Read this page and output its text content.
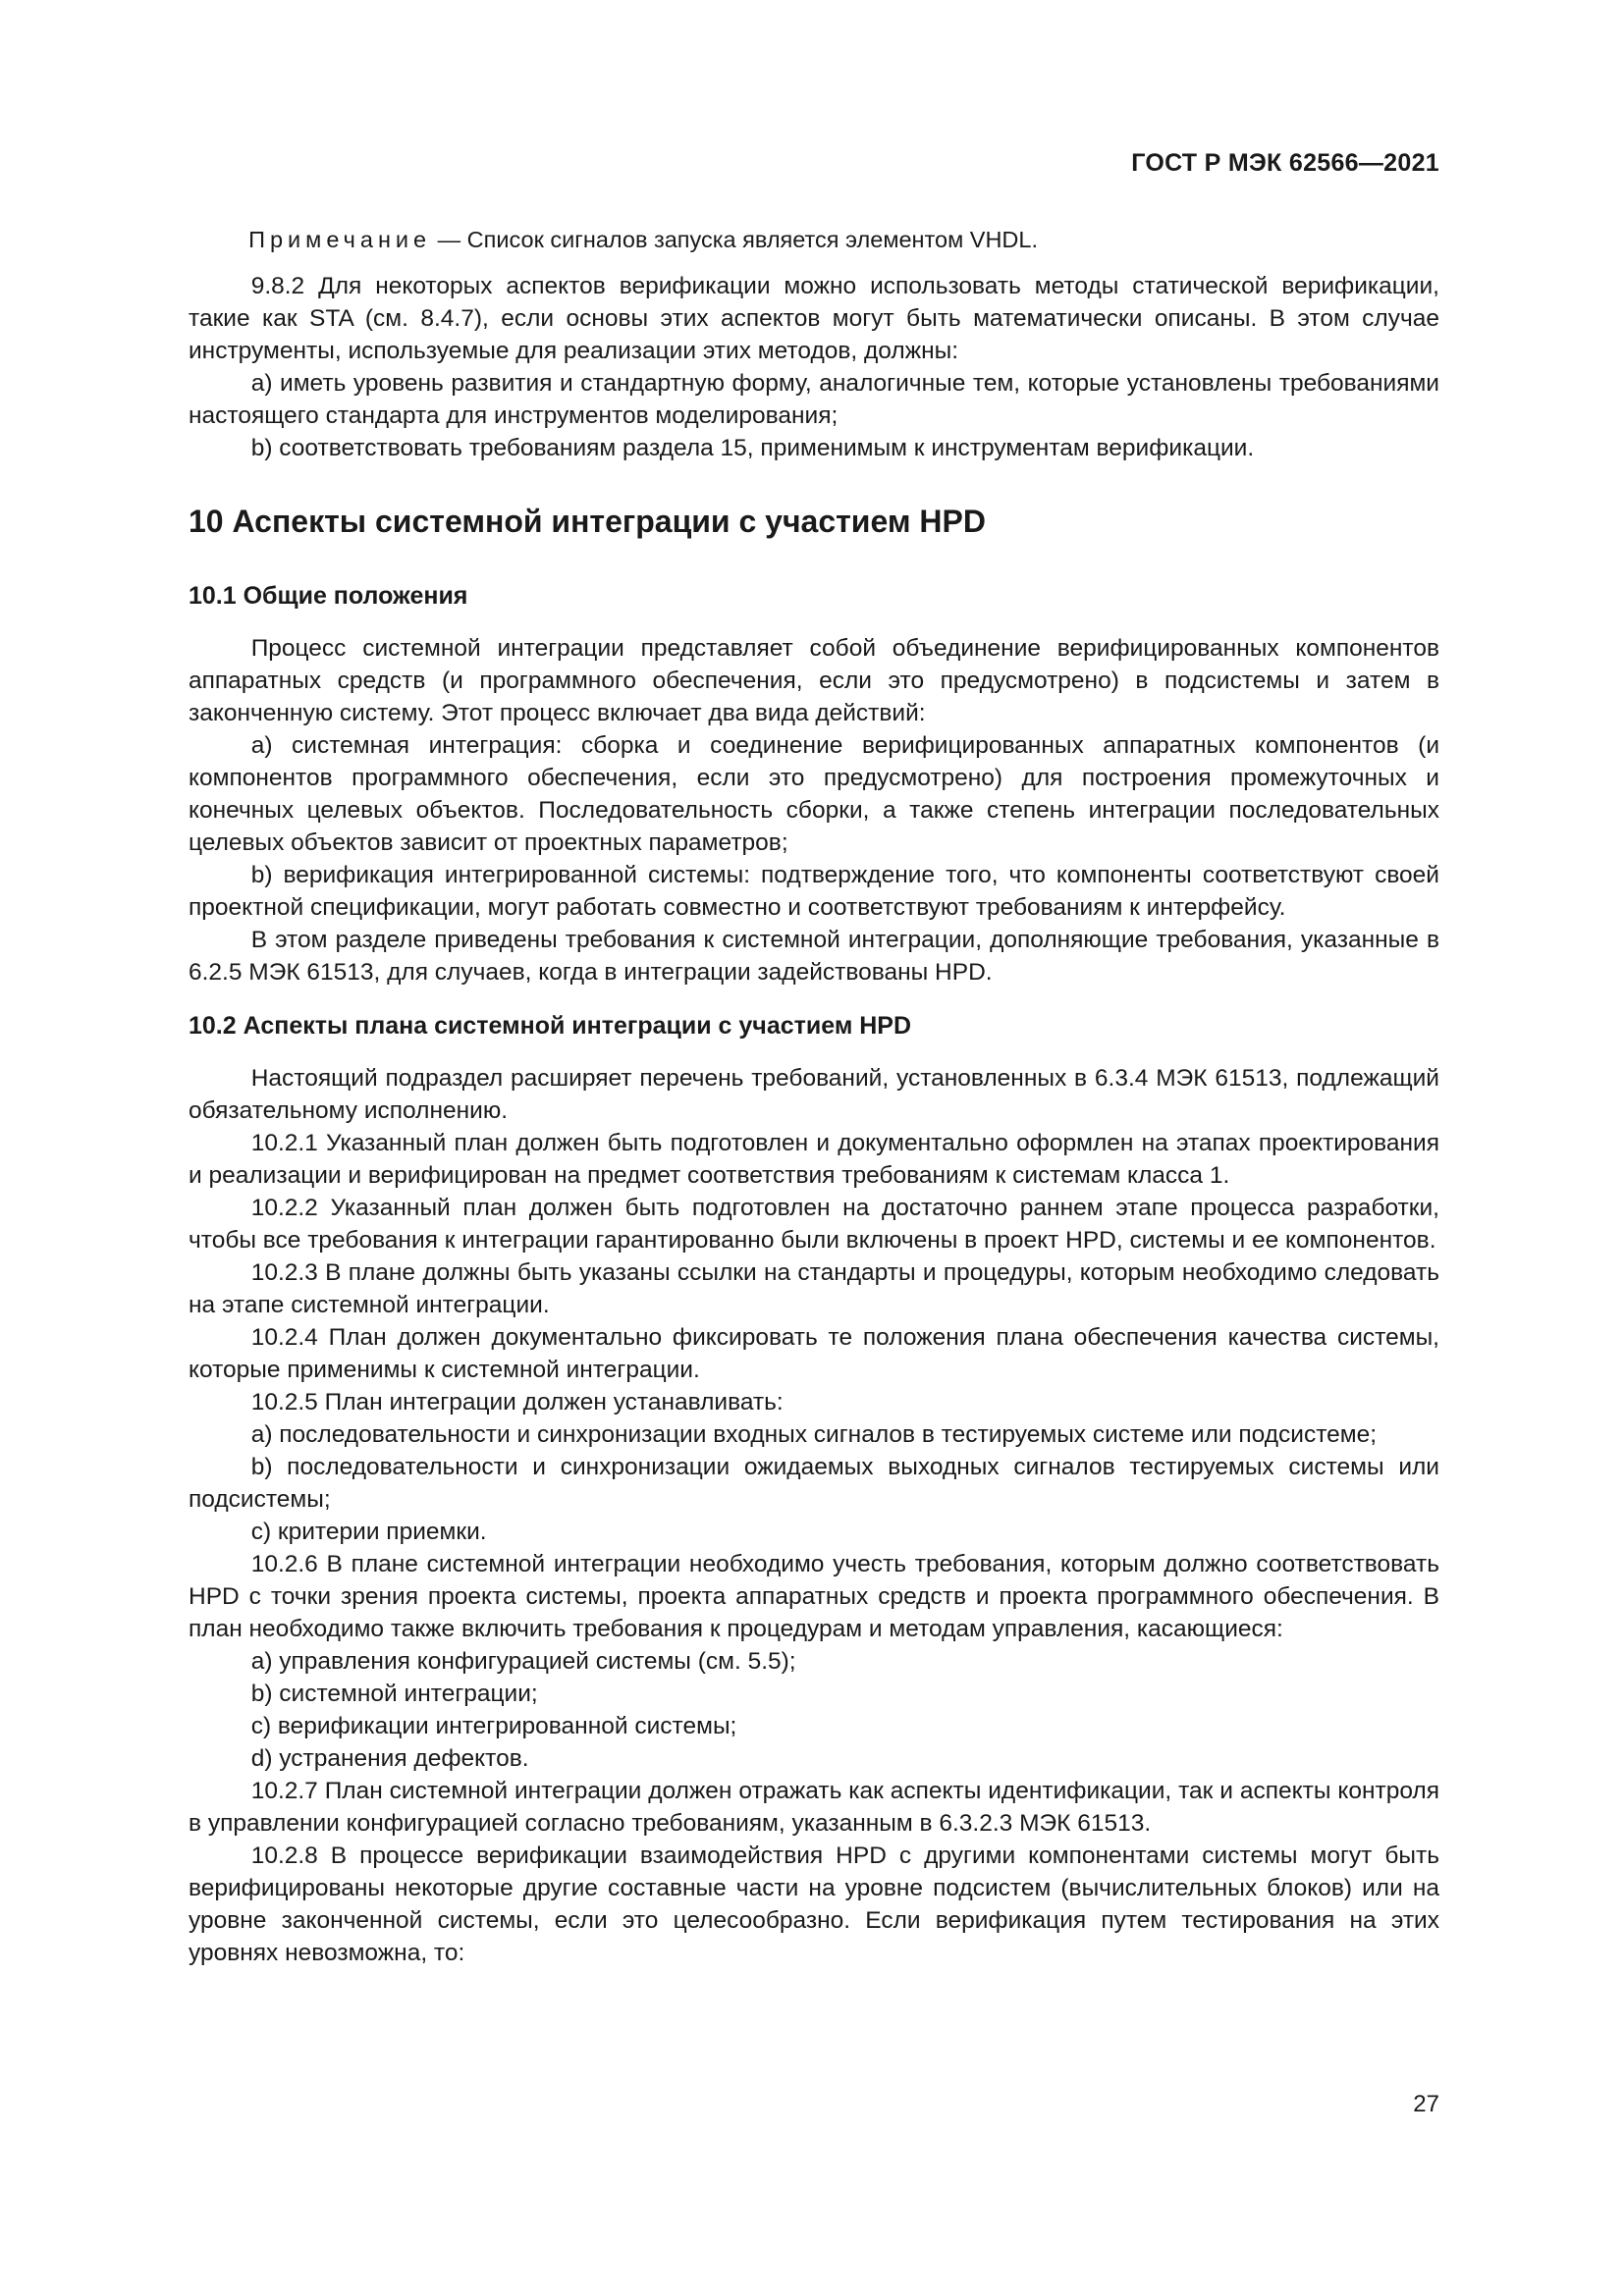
ГОСТ Р МЭК 62566—2021

Примечание — Список сигналов запуска является элементом VHDL.

9.8.2 Для некоторых аспектов верификации можно использовать методы статической верификации, такие как STA (см. 8.4.7), если основы этих аспектов могут быть математически описаны. В этом случае инструменты, используемые для реализации этих методов, должны:

a) иметь уровень развития и стандартную форму, аналогичные тем, которые установлены требованиями настоящего стандарта для инструментов моделирования;

b) соответствовать требованиям раздела 15, применимым к инструментам верификации.

10 Аспекты системной интеграции с участием HPD
10.1 Общие положения

Процесс системной интеграции представляет собой объединение верифицированных компонентов аппаратных средств (и программного обеспечения, если это предусмотрено) в подсистемы и затем в законченную систему. Этот процесс включает два вида действий:

a) системная интеграция: сборка и соединение верифицированных аппаратных компонентов (и компонентов программного обеспечения, если это предусмотрено) для построения промежуточных и конечных целевых объектов. Последовательность сборки, а также степень интеграции последовательных целевых объектов зависит от проектных параметров;

b) верификация интегрированной системы: подтверждение того, что компоненты соответствуют своей проектной спецификации, могут работать совместно и соответствуют требованиям к интерфейсу.

В этом разделе приведены требования к системной интеграции, дополняющие требования, указанные в 6.2.5 МЭК 61513, для случаев, когда в интеграции задействованы HPD.

10.2 Аспекты плана системной интеграции с участием HPD

Настоящий подраздел расширяет перечень требований, установленных в 6.3.4 МЭК 61513, подлежащий обязательному исполнению.

10.2.1 Указанный план должен быть подготовлен и документально оформлен на этапах проектирования и реализации и верифицирован на предмет соответствия требованиям к системам класса 1.

10.2.2 Указанный план должен быть подготовлен на достаточно раннем этапе процесса разработки, чтобы все требования к интеграции гарантированно были включены в проект HPD, системы и ее компонентов.

10.2.3 В плане должны быть указаны ссылки на стандарты и процедуры, которым необходимо следовать на этапе системной интеграции.

10.2.4 План должен документально фиксировать те положения плана обеспечения качества системы, которые применимы к системной интеграции.

10.2.5 План интеграции должен устанавливать:

a) последовательности и синхронизации входных сигналов в тестируемых системе или подсистеме;

b) последовательности и синхронизации ожидаемых выходных сигналов тестируемых системы или подсистемы;

c) критерии приемки.

10.2.6 В плане системной интеграции необходимо учесть требования, которым должно соответствовать HPD с точки зрения проекта системы, проекта аппаратных средств и проекта программного обеспечения. В план необходимо также включить требования к процедурам и методам управления, касающиеся:

a) управления конфигурацией системы (см. 5.5);

b) системной интеграции;

c) верификации интегрированной системы;

d) устранения дефектов.

10.2.7 План системной интеграции должен отражать как аспекты идентификации, так и аспекты контроля в управлении конфигурацией согласно требованиям, указанным в 6.3.2.3 МЭК 61513.

10.2.8 В процессе верификации взаимодействия HPD с другими компонентами системы могут быть верифицированы некоторые другие составные части на уровне подсистем (вычислительных блоков) или на уровне законченной системы, если это целесообразно. Если верификация путем тестирования на этих уровнях невозможна, то:

27
